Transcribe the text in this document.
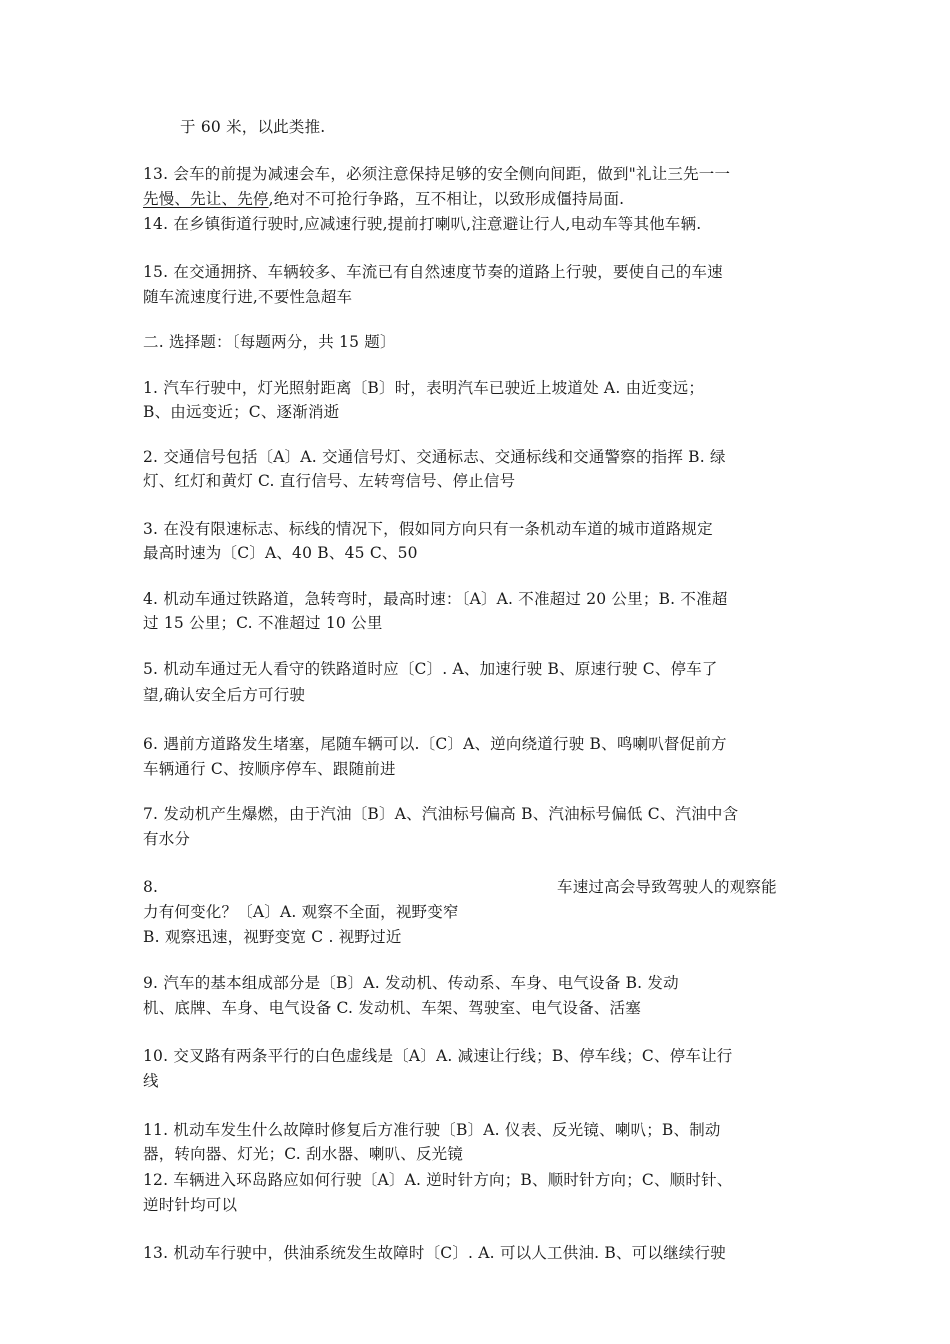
于 60 米，以此类推.
13. 会车的前提为减速会车，必须注意保持足够的安全侧向间距，做到"礼让三先一一
先慢、先让、先停,绝对不可抢行争路，互不相让，以致形成僵持局面.
14. 在乡镇街道行驶时,应减速行驶,提前打喇叭,注意避让行人,电动车等其他车辆.
15. 在交通拥挤、车辆较多、车流已有自然速度节奏的道路上行驶，要使自己的车速
随车流速度行进,不要性急超车
二. 选择题：〔每题两分，共 15 题〕
1. 汽车行驶中，灯光照射距离〔B〕时，表明汽车已驶近上坡道处 A. 由近变远；
B、由远变近；C、逐渐消逝
2. 交通信号包括〔A〕A. 交通信号灯、交通标志、交通标线和交通警察的指挥 B. 绿
灯、红灯和黄灯 C. 直行信号、左转弯信号、停止信号
3. 在没有限速标志、标线的情况下，假如同方向只有一条机动车道的城市道路规定
最高时速为〔C〕A、40 B、45 C、50
4. 机动车通过铁路道，急转弯时，最高时速：〔A〕A. 不准超过 20 公里；B. 不准超
过 15 公里；C. 不准超过 10 公里
5. 机动车通过无人看守的铁路道时应〔C〕. A、加速行驶 B、原速行驶 C、停车了
望,确认安全后方可行驶
6. 遇前方道路发生堵塞，尾随车辆可以.〔C〕A、逆向绕道行驶 B、鸣喇叭督促前方
车辆通行 C、按顺序停车、跟随前进
7. 发动机产生爆燃，由于汽油〔B〕A、汽油标号偏高 B、汽油标号偏低 C、汽油中含
有水分
8.	车速过高会导致驾驶人的观察能
力有何变化？〔A〕A. 观察不全面，视野变窄
B. 观察迅速，视野变宽 C . 视野过近
9. 汽车的基本组成部分是〔B〕A. 发动机、传动系、车身、电气设备 B. 发动
机、底牌、车身、电气设备 C. 发动机、车架、驾驶室、电气设备、活塞
10. 交叉路有两条平行的白色虚线是〔A〕A. 减速让行线；B、停车线；C、停车让行
线
11. 机动车发生什么故障时修复后方准行驶〔B〕A. 仪表、反光镜、喇叭；B、制动
器，转向器、灯光；C. 刮水器、喇叭、反光镜
12. 车辆进入环岛路应如何行驶〔A〕A. 逆时针方向；B、顺时针方向；C、顺时针、
逆时针均可以
13. 机动车行驶中，供油系统发生故障时〔C〕. A. 可以人工供油. B、可以继续行驶
